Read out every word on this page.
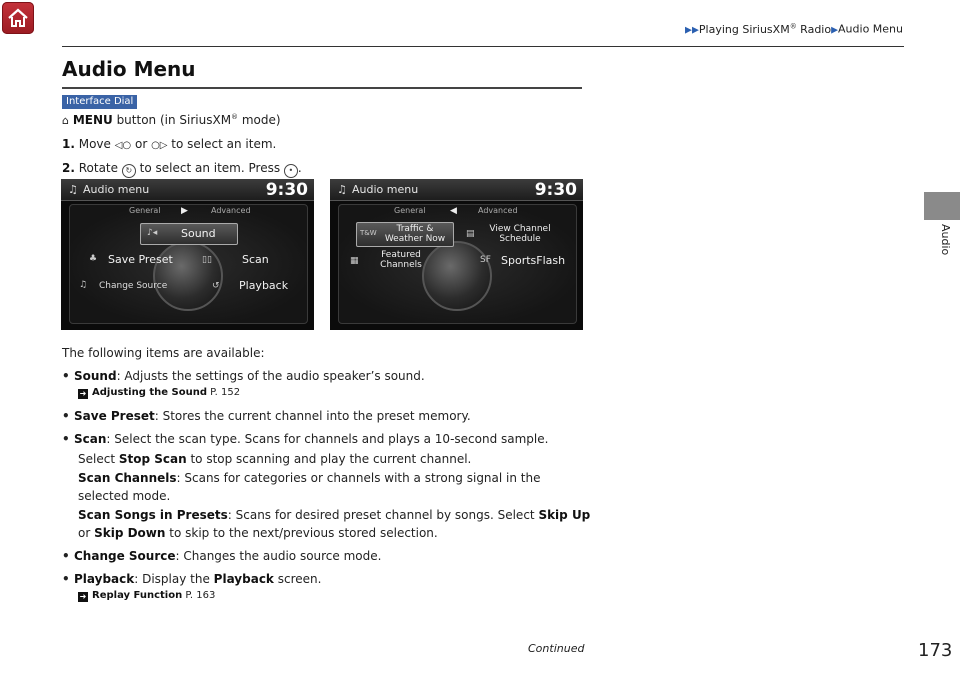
▶▶Playing SiriusXM® Radio▶Audio Menu
Audio
Audio Menu
Interface Dial
⌂ MENU button (in SiriusXM® mode)
1. Move ◁○ or ○▷ to select an item.
2. Rotate ↻ to select an item. Press • .
♫ Audio menu	9:30
General ▶	Advanced
♪◂ Sound
♣ Save Preset	▯▯	Scan
♫ Change Source	↺ Playback
♫ Audio menu	9:30
General	◀	Advanced
T&W	Traffic & Weather Now	▤	View Channel Schedule
▦
Featured Channels	SF SportsFlash
The following items are available:
• Sound: Adjusts the settings of the audio speaker’s sound.
➜ Adjusting the Sound P. 152
• Save Preset: Stores the current channel into the preset memory.
• Scan: Select the scan type. Scans for channels and plays a 10-second sample.
Select Stop Scan to stop scanning and play the current channel.
Scan Channels: Scans for categories or channels with a strong signal in the
selected mode.
Scan Songs in Presets: Scans for desired preset channel by songs. Select Skip Up
or Skip Down to skip to the next/previous stored selection.
• Change Source: Changes the audio source mode.
• Playback: Display the Playback screen.
➜ Replay Function P. 163
Continued	173
